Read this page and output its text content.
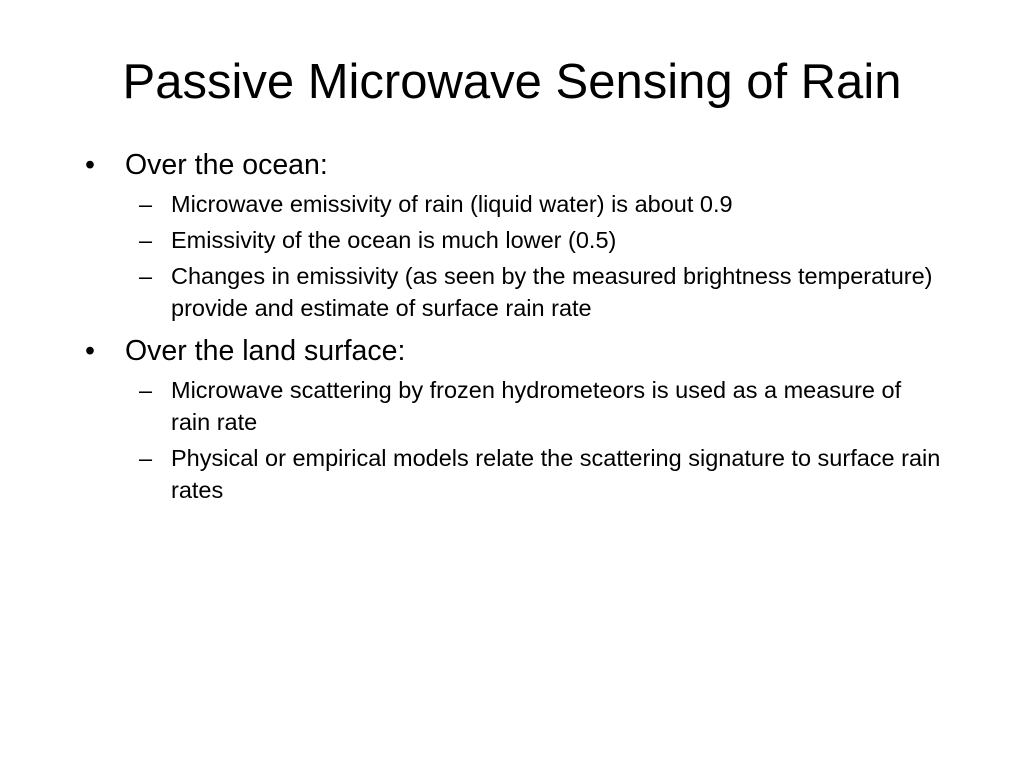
Passive Microwave Sensing of Rain
•	Over the ocean:
– Microwave emissivity of rain (liquid water) is about 0.9
– Emissivity of the ocean is much lower (0.5)
– Changes in emissivity (as seen by the measured brightness temperature) provide and estimate of surface rain rate
•	Over the land surface:
– Microwave scattering by frozen hydrometeors is used as a measure of rain rate
– Physical or empirical models relate the scattering signature to surface rain rates
